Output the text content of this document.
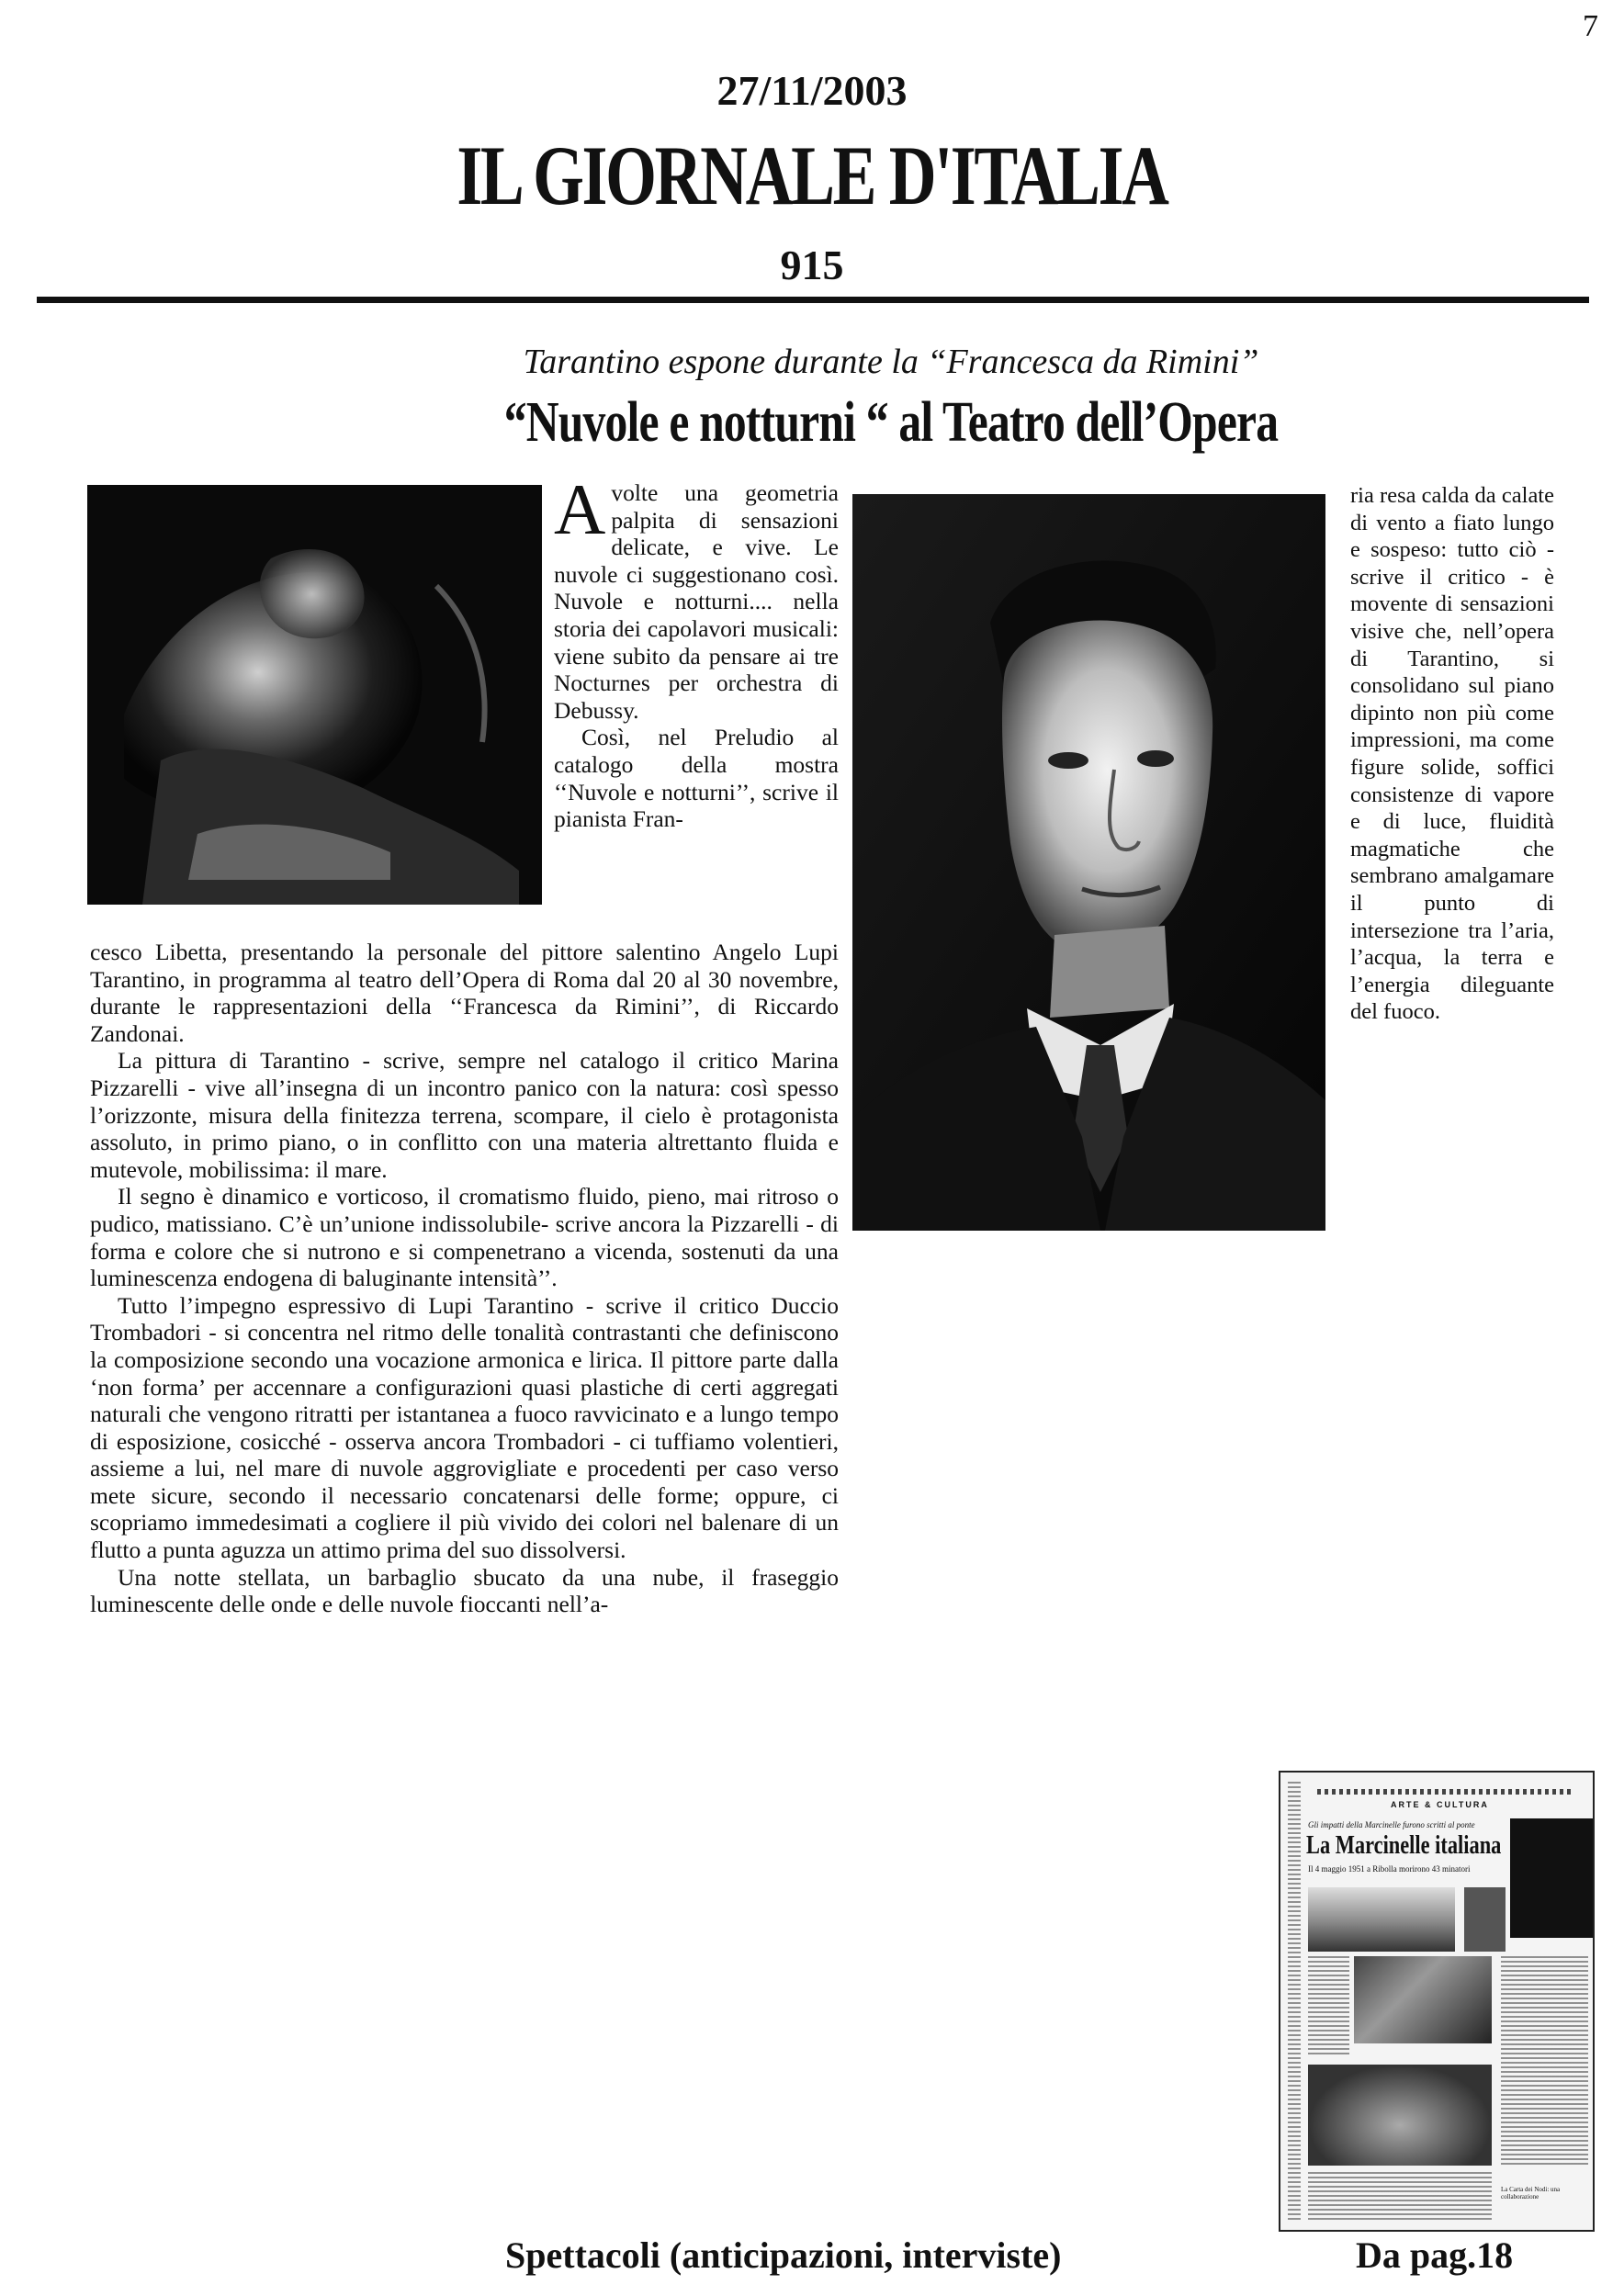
7
27/11/2003
IL GIORNALE D'ITALIA
915
Tarantino espone durante la “Francesca da Rimini”
“Nuvole e notturni “ al Teatro dell’Opera

Avolte una geometria palpita di sensazioni delicate, e vive. Le nuvole ci suggestionano così. Nuvole e notturni.... nella storia dei capolavori musicali: viene subito da pensare ai tre Nocturnes per orchestra di Debussy.

Così, nel Preludio al catalogo della mostra ‘‘Nuvole e notturni’’, scrive il pianista Fran-

cesco Libetta, presentando la personale del pittore salentino Angelo Lupi Tarantino, in programma al teatro dell’Opera di Roma dal 20 al 30 novembre, durante le rappresentazioni della ‘‘Francesca da Rimini’’, di Riccardo Zandonai.

La pittura di Tarantino - scrive, sempre nel catalogo il critico Marina Pizzarelli - vive all’insegna di un incontro panico con la natura: così spesso l’orizzonte, misura della finitezza terrena, scompare, il cielo è protagonista assoluto, in primo piano, o in conflitto con una materia altrettanto fluida e mutevole, mobilissima: il mare.

Il segno è dinamico e vorticoso, il cromatismo fluido, pieno, mai ritroso o pudico, matissiano. C’è un’unione indissolubile- scrive ancora la Pizzarelli - di forma e colore che si nutrono e si compenetrano a vicenda, sostenuti da una luminescenza endogena di baluginante intensità’’.

Tutto l’impegno espressivo di Lupi Tarantino - scrive il critico Duccio Trombadori - si concentra nel ritmo delle tonalità contrastanti che definiscono la composizione secondo una vocazione armonica e lirica. Il pittore parte dalla ‘non forma’ per accennare a configurazioni quasi plastiche di certi aggregati naturali che vengono ritratti per istantanea a fuoco ravvicinato e a lungo tempo di esposizione, cosicché - osserva ancora Trombadori - ci tuffiamo volentieri, assieme a lui, nel mare di nuvole aggrovigliate e procedenti per caso verso mete sicure, secondo il necessario concatenarsi delle forme; oppure, ci scopriamo immedesimati a cogliere il più vivido dei colori nel balenare di un flutto a punta aguzza un attimo prima del suo dissolversi.

Una notte stellata, un barbaglio sbucato da una nube, il fraseggio luminescente delle onde e delle nuvole fioccanti nell’a-

ria resa calda da calate di vento a fiato lungo e sospeso: tutto ciò - scrive il critico - è movente di sensazioni visive che, nell’opera di Tarantino, si consolidano sul piano dipinto non più come impressioni, ma come figure solide, soffici consistenze di vapore e di luce, fluidità magmatiche che sembrano amalgamare il punto di intersezione tra l’aria, l’acqua, la terra e l’energia dileguante del fuoco.
ARTE & CULTURA
Gli impatti della Marcinelle furono scritti al ponte
La Marcinelle italiana
Il 4 maggio 1951 a Ribolla morirono 43 minatori
La Carta dei Nodi: una collaborazione
Spettacoli (anticipazioni, interviste)	Da pag.18
